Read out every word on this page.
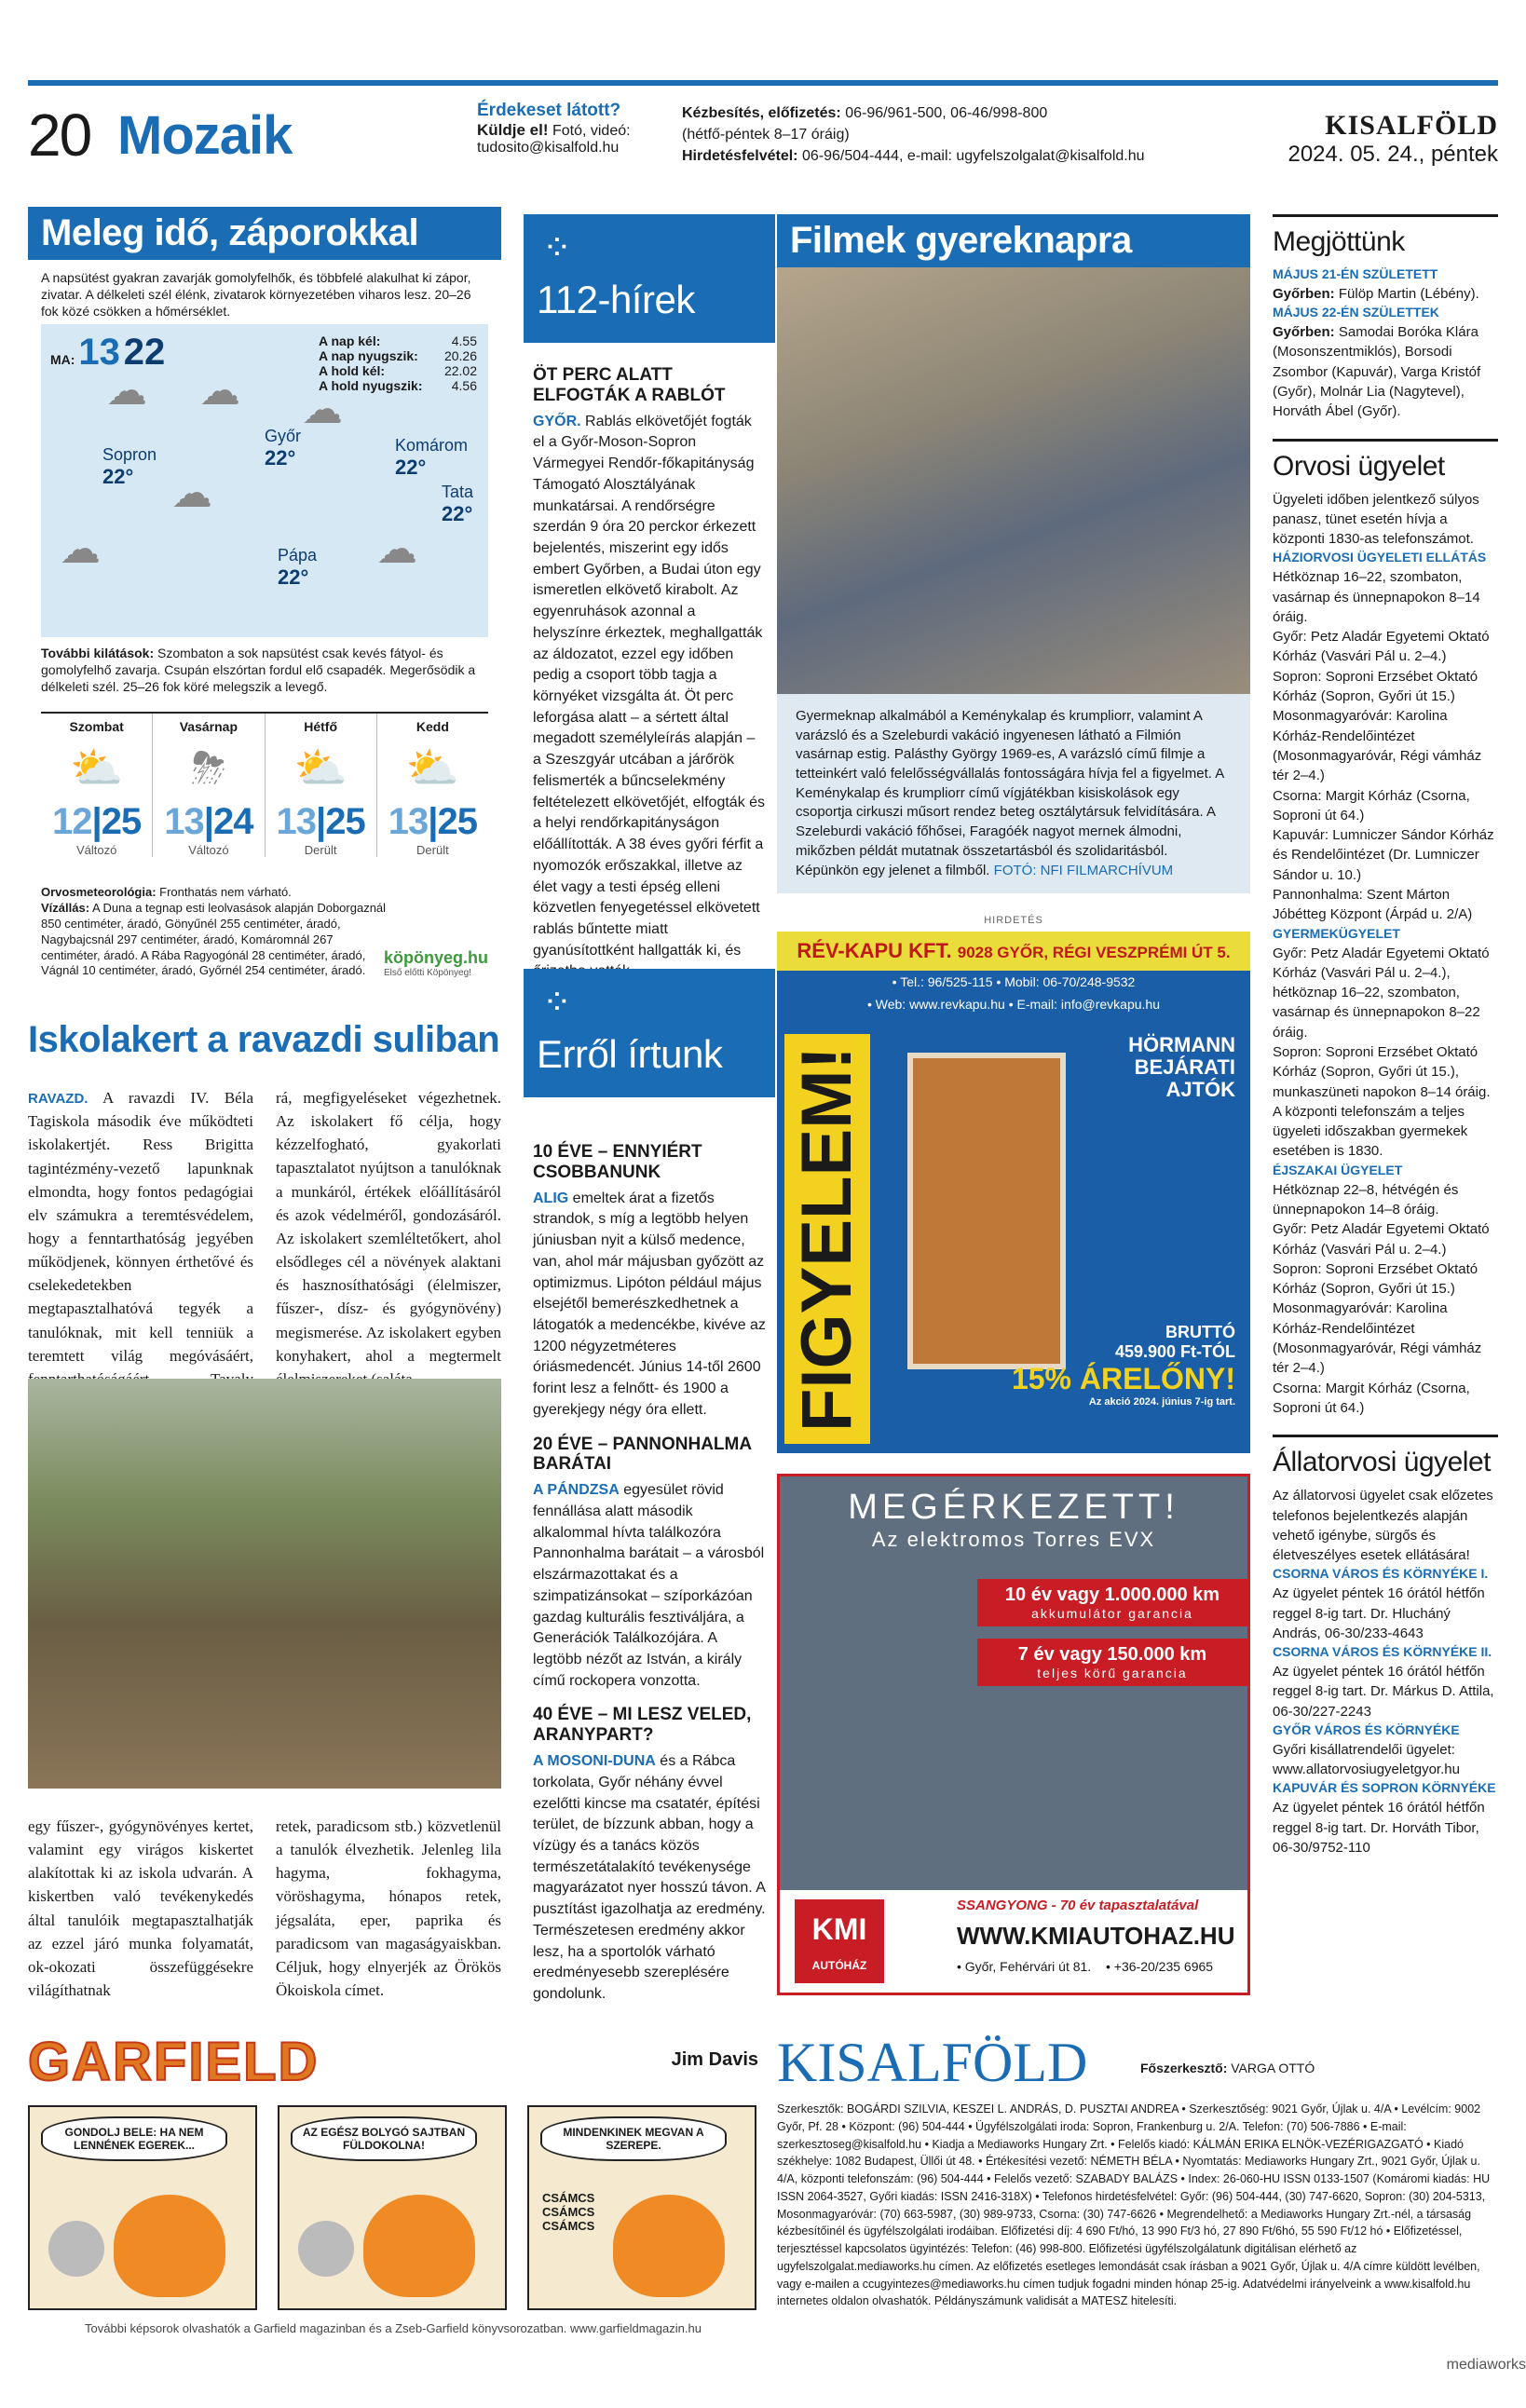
20 Mozaik	Érdekeset látott?
Küldje el! Fotó, videó:
tudosito@kisalfold.hu
Kézbesítés, előfizetés: 06-96/961-500, 06-46/998-800
(hétfő-péntek 8–17 óráig)
Hirdetésfelvétel: 06-96/504-444, e-mail: ugyfelszolgalat@kisalfold.hu
KISALFÖLD
2024. 05. 24., péntek
Meleg idő, záporokkal
A napsütést gyakran zavarják gomolyfelhők, és többfelé alakulhat ki zápor, zivatar. A délkeleti szél élénk, zivatarok környezetében viharos lesz. 20–26 fok közé csökken a hőmérséklet.
MA: 13 22	A nap kél:	4.55
A nap nyugszik: 20.26
A hold kél:	22.02
A hold nyugszik: 4.56
☁ ☁ ☁
☁
☁
☁
Sopron
22°
Győr
22°
Komárom
22°
Tata
22°
Pápa
22°
További kilátások: Szombaton a sok napsütést csak kevés fátyol- és gomolyfelhő zavarja. Csupán elszórtan fordul elő csapadék. Megerősödik a délkeleti szél. 25–26 fok köré melegszik a levegő.
Szombat
⛅
12|25
Változó
Vasárnap
⛈
13|24
Változó
Hétfő
⛅
13|25
Derült
Kedd
⛅
13|25
Derült
Orvosmeteorológia: Fronthatás nem várható.
Vízállás: A Duna a tegnap esti leolvasások alapján Doborgaznál 850 centiméter, áradó, Gönyűnél 255 centiméter, áradó, Nagybajcsnál 297 centiméter, áradó, Komáromnál 267 centiméter, áradó. A Rába Ragyogónál 28 centiméter, áradó, Vágnál 10 centiméter, áradó, Győrnél 254 centiméter, áradó.
köpönyeg.hu
Első előtti Köpönyeg!
Iskolakert a ravazdi suliban
RAVAZD. A ravazdi IV. Béla Tagiskola második éve működteti iskolakertjét. Ress Brigitta tagintézmény-vezető lapunknak elmondta, hogy fontos pedagógiai elv számukra a teremtésvédelem, hogy a fenntarthatóság jegyében működjenek, könnyen érthetővé és cselekedetekben megtapasztalhatóvá tegyék a tanulóknak, mit kell tenniük a teremtett világ megóvásáért,
rá, megfigyeléseket végezhetnek. Az iskolakert fő célja, hogy kézzelfogható, gyakorlati tapasztalatot nyújtson a tanulóknak a munkáról, értékek előállításáról és azok védelméről, gondozásáról. Az iskolakert szemléltetőkert, ahol elsődleges cél a növények alaktani és hasznosíthatósági (élelmiszer, fűszer-, dísz- és gyógynövény) megismerése. Az iskolakert egyben konyhakert, ahol a megtermelt
egy fűszer-, gyógynövényes kertet, valamint egy virágos kiskertet alakítottak ki az iskola udvarán. A kiskertben való tevékenykedés által tanulóik megtapasztalhatják az ezzel járó munka folyamatát, ok-okozati összefüggésekre világíthatnak
retek, paradicsom stb.) közvetlenül a tanulók élvezhetik. Jelenleg lila hagyma, fokhagyma, vöröshagyma, hónapos retek, jégsaláta, eper, paprika és paradicsom van magaságyaiskban. Céljuk, hogy elnyerjék az Örökös Ökoiskola címet.
⁘
112-hírek
ÖT PERC ALATT ELFOGTÁK A RABLÓT
GYŐR. Rablás elkövetőjét fogták el a Győr-Moson-Sopron Vármegyei Rendőr-főkapitányság Támogató Alosztályának munkatársai. A rendőrségre szerdán 9 óra 20 perckor érkezett bejelentés, miszerint egy idős embert Győrben, a Budai úton egy ismeretlen elkövető kirabolt. Az egyenruhások azonnal a helyszínre érkeztek, meghallgatták az áldozatot, ezzel egy időben pedig a csoport több tagja a környéket vizsgálta át. Öt perc leforgása alatt – a sértett által megadott személyleírás alapján – a Szeszgyár utcában a járőrök felismerték a bűncselekmény feltételezett elkövetőjét, elfogták és a helyi rendőrkapitányságon előállították. A 38 éves győri férfit a nyomozók erőszakkal, illetve az élet vagy a testi épség elleni közvetlen fenyegetéssel elkövetett rablás bűntette miatt gyanúsítottként hallgatták ki, és
⁘
Erről írtunk
10 ÉVE – ENNYIÉRT CSOBBANUNK
ALIG emeltek árat a fizetős strandok, s míg a legtöbb helyen júniusban nyit a külső medence, van, ahol már májusban győzött az optimizmus. Lipóton például május elsejétől bemerészkedhetnek a látogatók a medencékbe, kivéve az 1200 négyzetméteres óriásmedencét. Június 14-től 2600 forint lesz a felnőtt- és 1900 a gyerekjegy négy óra ellett.
20 ÉVE – PANNONHALMA BARÁTAI
A PÁNDZSA egyesület rövid fennállása alatt második alkalommal hívta találkozóra Pannonhalma barátait – a városból elszármazottakat és a szimpatizánsokat – szíporkázóan gazdag kulturális fesztiváljára, a Generációk Találkozójára. A legtöbb nézőt az István, a király című rockopera vonzotta.
40 ÉVE – MI LESZ VELED, ARANYPART?
A MOSONI-DUNA és a Rábca torkolata, Győr néhány évvel ezelőtti kincse ma csatatér, építési terület, de bízzunk abban, hogy a vízügy és a tanács közös természetátalakító tevékenysége magyarázatot nyer hosszú távon. A pusztítást igazolhatja az eredmény. Természetesen eredmény akkor lesz, ha a sportolók várható eredményesebb szereplésére gondolunk.
Filmek gyereknapra
Gyermeknap alkalmából a Keménykalap és krumpliorr, valamint A varázsló és a Szeleburdi vakáció ingyenesen látható a Filmión vasárnap estig. Palásthy György 1969-es, A varázsló című filmje a tetteinkért való felelősségvállalás fontosságára hívja fel a figyelmet. A Keménykalap és krumpliorr című vígjátékban kisiskolások egy csoportja cirkuszi műsort rendez beteg osztálytársuk felvidítására. A Szeleburdi vakáció főhősei, Faragóék nagyot mernek álmodni, mikőzben példát mutatnak összetartásból és szolidaritásból. Képünkön egy jelenet a filmből. FOTÓ: NFI FILMARCHÍVUM
HIRDETÉS
RÉV-KAPU KFT. 9028 GYŐR, RÉGI VESZPRÉMI ÚT 5.
• Tel.: 96/525-115 • Mobil: 06-70/248-9532
• Web: www.revkapu.hu • E-mail: info@revkapu.hu
FIGYELEM!
HÖRMANN BEJÁRATI AJTÓK
BRUTTÓ
459.900 Ft-TÓL
15% ÁRELŐNY!
Az akció 2024. június 7-ig tart.
MEGÉRKEZETT!
Az elektromos Torres EVX
10 év vagy 1.000.000 km
akkumulátor garancia
7 év vagy 150.000 km
teljes körű garancia
KMI
AUTÓHÁZ
SSANGYONG - 70 év tapasztalatával
WWW.KMIAUTOHAZ.HU
• Győr, Fehérvári út 81. • +36-20/235 6965
Megjöttünk
MÁJUS 21-ÉN SZÜLETETT
Győrben: Fülöp Martin (Lébény).
MÁJUS 22-ÉN SZÜLETTEK
Győrben: Samodai Boróka Klára (Mosonszentmiklós), Borsodi Zsombor (Kapuvár), Varga Kristóf (Győr), Molnár Lia (Nagytevel), Horváth Ábel (Győr).
Orvosi ügyelet
Ügyeleti időben jelentkező súlyos panasz, tünet esetén hívja a központi 1830-as telefonszámot.
HÁZIORVOSI ÜGYELETI ELLÁTÁS
Hétköznap 16–22, szombaton, vasárnap és ünnepnapokon 8–14 óráig.
Győr: Petz Aladár Egyetemi Oktató Kórház (Vasvári Pál u. 2–4.)
Sopron: Soproni Erzsébet Oktató Kórház (Sopron, Győri út 15.)
Mosonmagyaróvár: Karolina Kórház-Rendelőintézet (Mosonmagyaróvár, Régi vámház tér 2–4.)
Csorna: Margit Kórház (Csorna, Soproni út 64.)
Kapuvár: Lumniczer Sándor Kórház és Rendelőintézet (Dr. Lumniczer Sándor u. 10.)
Pannonhalma: Szent Márton Jóbétteg Központ (Árpád u. 2/A)
GYERMEKÜGYELET
Győr: Petz Aladár Egyetemi Oktató Kórház (Vasvári Pál u. 2–4.), hétköznap 16–22, szombaton, vasárnap és ünnepnapokon 8–22 óráig.
Sopron: Soproni Erzsébet Oktató Kórház (Sopron, Győri út 15.), munkaszüneti napokon 8–14 óráig.
A központi telefonszám a teljes ügyeleti időszakban gyermekek esetében is 1830.
ÉJSZAKAI ÜGYELET
Hétköznap 22–8, hétvégén és ünnepnapokon 14–8 óráig.
Győr: Petz Aladár Egyetemi Oktató Kórház (Vasvári Pál u. 2–4.)
Sopron: Soproni Erzsébet Oktató Kórház (Sopron, Győri út 15.)
Mosonmagyaróvár: Karolina Kórház-Rendelőintézet (Mosonmagyaróvár, Régi vámház tér 2–4.)
Csorna: Margit Kórház (Csorna, Soproni út 64.)
Állatorvosi ügyelet
Az állatorvosi ügyelet csak előzetes telefonos bejelentkezés alapján vehető igénybe, sürgős és életveszélyes esetek ellátására!
CSORNA VÁROS ÉS KÖRNYÉKE I.
Az ügyelet péntek 16 órától hétfőn reggel 8-ig tart. Dr. Hlucháný András, 06-30/233-4643
CSORNA VÁROS ÉS KÖRNYÉKE II.
Az ügyelet péntek 16 órától hétfőn reggel 8-ig tart. Dr. Márkus D. Attila, 06-30/227-2243
GYŐR VÁROS ÉS KÖRNYÉKE
Győri kisállatrendelői ügyelet: www.allatorvosiugyeletgyor.hu
KAPUVÁR ÉS SOPRON KÖRNYÉKE
Az ügyelet péntek 16 órától hétfőn reggel 8-ig tart. Dr. Horváth Tibor, 06-30/9752-110
GARFIELD	Jim Davis
GONDOLJ BELE: HA NEM LENNÉNEK EGEREK...
AZ EGÉSZ BOLYGÓ SAJTBAN FÜLDOKOLNA!
MINDENKINEK MEGVAN A SZEREPE.
CSÁMCS CSÁMCS CSÁMCS
További képsorok olvashatók a Garfield magazinban és a Zseb-Garfield könyvsorozatban. www.garfieldmagazin.hu
KISALFÖLD	Főszerkesztő: VARGA OTTÓ
Szerkesztők: BOGÁRDI SZILVIA, KESZEI L. ANDRÁS, D. PUSZTAI ANDREA • Szerkesztőség: 9021 Győr, Újlak u. 4/A • Levélcím: 9002 Győr, Pf. 28 • Központ: (96) 504-444 • Ügyfélszolgálati iroda: Sopron, Frankenburg u. 2/A. Telefon: (70) 506-7886 • E-mail: szerkesztoseg@kisalfold.hu • Kiadja a Mediaworks Hungary Zrt. • Felelős kiadó: KÁLMÁN ERIKA ELNÖK-VEZÉRIGAZGATÓ • Kiadó székhelye: 1082 Budapest, Üllői út 48. • Értékesítési vezető: NÉMETH BÉLA • Nyomtatás: Mediaworks Hungary Zrt., 9021 Győr, Újlak u. 4/A, központi telefonszám: (96) 504-444 • Felelős vezető: SZABADY BALÁZS • Index: 26-060-HU ISSN 0133-1507 (Komáromi kiadás: HU ISSN 2064-3527, Győri kiadás: ISSN 2416-318X) • Telefonos hirdetésfelvétel: Győr: (96) 504-444, (30) 747-6620, Sopron: (30) 204-5313, Mosonmagyaróvár: (70) 663-5987, (30) 989-9733, Csorna: (30) 747-6626 • Megrendelhető: a Mediaworks Hungary Zrt.-nél, a társaság kézbesítőinél és ügyfélszolgálati irodáiban. Előfizetési díj: 4 690 Ft/hó, 13 990 Ft/3 hó, 27 890 Ft/6hó, 55 590 Ft/12 hó • Előfizetéssel, terjesztéssel kapcsolatos ügyintézés: Telefon: (46) 998-800. Előfizetési ügyfélszolgálatunk digitálisan elérhető az ugyfelszolgalat.mediaworks.hu címen. Az előfizetés esetleges lemondását csak írásban a 9021 Győr, Újlak u. 4/A címre küldött levélben, vagy e-mailen a ccugyintezes@mediaworks.hu címen tudjuk fogadni minden hónap 25-ig. Adatvédelmi irányelveink a www.kisalfold.hu internetes oldalon olvashatók. Példányszámunk validisát a MATESZ hitelesíti.
mediaworks
